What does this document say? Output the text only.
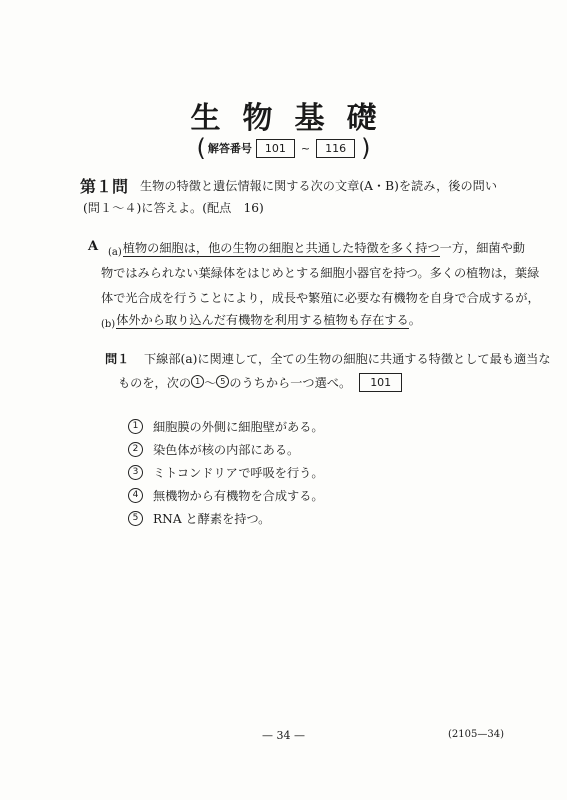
生物基礎
( 解答番号	101	~	116 )
第１問 生物の特徴と遺伝情報に関する次の文章(A・B)を読み，後の問い
(問１～４)に答えよ。(配点　16)
A $_{(a)}$植物の細胞は，他の生物の細胞と共通した特徴を多く持つ一方，細菌や動
物ではみられない葉緑体をはじめとする細胞小器官を持つ。多くの植物は，葉緑
体で光合成を行うことにより，成長や繁殖に必要な有機物を自身で合成するが，
$_{(b)}$体外から取り込んだ有機物を利用する植物も存在する。
問１ 下線部(a)に関連して，全ての生物の細胞に共通する特徴として最も適当な
ものを，次の 1 ～ 5 のうちから一つ選べ。	101
1 細胞膜の外側に細胞壁がある。
2 染色体が核の内部にある。
3 ミトコンドリアで呼吸を行う。
4 無機物から有機物を合成する。
5 RNA と酵素を持つ。
— 34 —	(2105—34)
